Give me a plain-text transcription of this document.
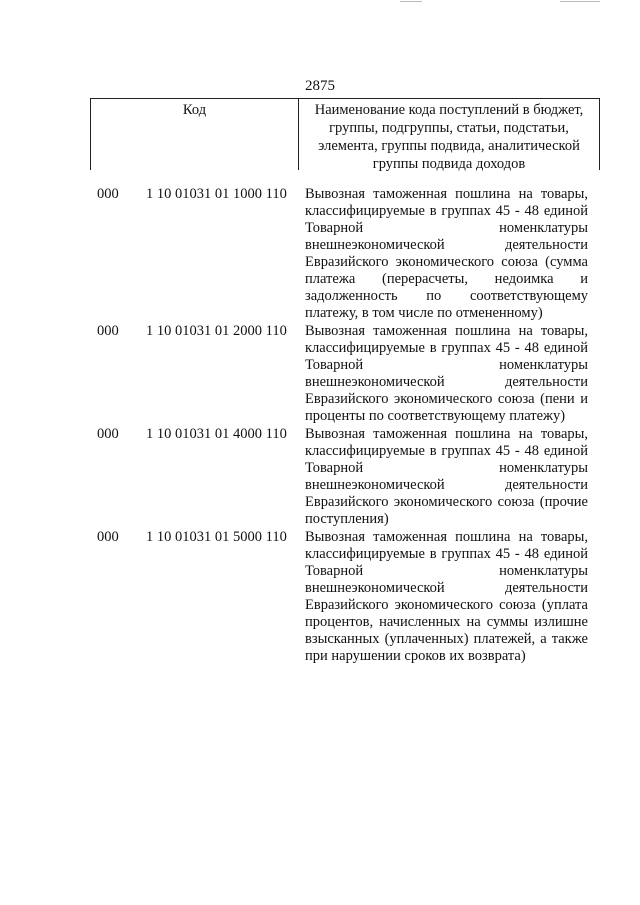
2875
Код	Наименование кода поступлений в бюджет,
группы, подгруппы, статьи, подстатьи,
элемента, группы подвида, аналитической
группы подвида доходов
000 1 10 01031 01 1000 110 Вывозная таможенная пошлина на товары,
классифицируемые в группах 45 - 48 единой
Товарной номенклатуры
внешнеэкономической деятельности
Евразийского экономического союза (сумма
платежа (перерасчеты, недоимка и
задолженность по соответствующему
платежу, в том числе по отмененному)
000 1 10 01031 01 2000 110 Вывозная таможенная пошлина на товары,
классифицируемые в группах 45 - 48 единой
Товарной номенклатуры
внешнеэкономической деятельности
Евразийского экономического союза (пени и
проценты по соответствующему платежу)
000 1 10 01031 01 4000 110 Вывозная таможенная пошлина на товары,
классифицируемые в группах 45 - 48 единой
Товарной номенклатуры
внешнеэкономической деятельности
Евразийского экономического союза (прочие
поступления)
000 1 10 01031 01 5000 110 Вывозная таможенная пошлина на товары,
классифицируемые в группах 45 - 48 единой
Товарной номенклатуры
внешнеэкономической деятельности
Евразийского экономического союза (уплата
процентов, начисленных на суммы излишне
взысканных (уплаченных) платежей, а также
при нарушении сроков их возврата)
